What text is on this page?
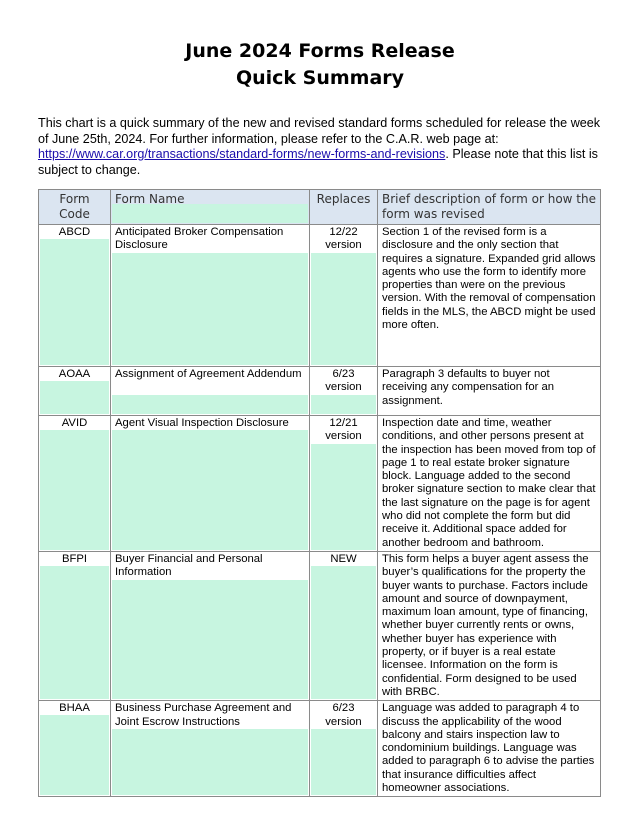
June 2024 Forms Release
Quick Summary
This chart is a quick summary of the new and revised standard forms scheduled for release the week of June 25th, 2024. For further information, please refer to the C.A.R. web page at: https://www.car.org/transactions/standard-forms/new-forms-and-revisions. Please note that this list is subject to change.
Form Code	Form Name	Replaces	Brief description of form or how the form was revised

ABCD	Anticipated Broker Compensation Disclosure	12/22 version	Section 1 of the revised form is a disclosure and the only section that requires a signature. Expanded grid allows agents who use the form to identify more properties than were on the previous version. With the removal of compensation fields in the MLS, the ABCD might be used more often.

AOAA	Assignment of Agreement Addendum	6/23 version	Paragraph 3 defaults to buyer not receiving any compensation for an assignment.

AVID	Agent Visual Inspection Disclosure	12/21 version	Inspection date and time, weather conditions, and other persons present at the inspection has been moved from top of page 1 to real estate broker signature block. Language added to the second broker signature section to make clear that the last signature on the page is for agent who did not complete the form but did receive it. Additional space added for another bedroom and bathroom.

BFPI	Buyer Financial and Personal Information	NEW	This form helps a buyer agent assess the buyer’s qualifications for the property the buyer wants to purchase. Factors include amount and source of downpayment, maximum loan amount, type of financing, whether buyer currently rents or owns, whether buyer has experience with property, or if buyer is a real estate licensee. Information on the form is confidential. Form designed to be used with BRBC.

BHAA	Business Purchase Agreement and Joint Escrow Instructions	6/23 version	Language was added to paragraph 4 to discuss the applicability of the wood balcony and stairs inspection law to condominium buildings. Language was added to paragraph 6 to advise the parties that insurance difficulties affect homeowner associations.
